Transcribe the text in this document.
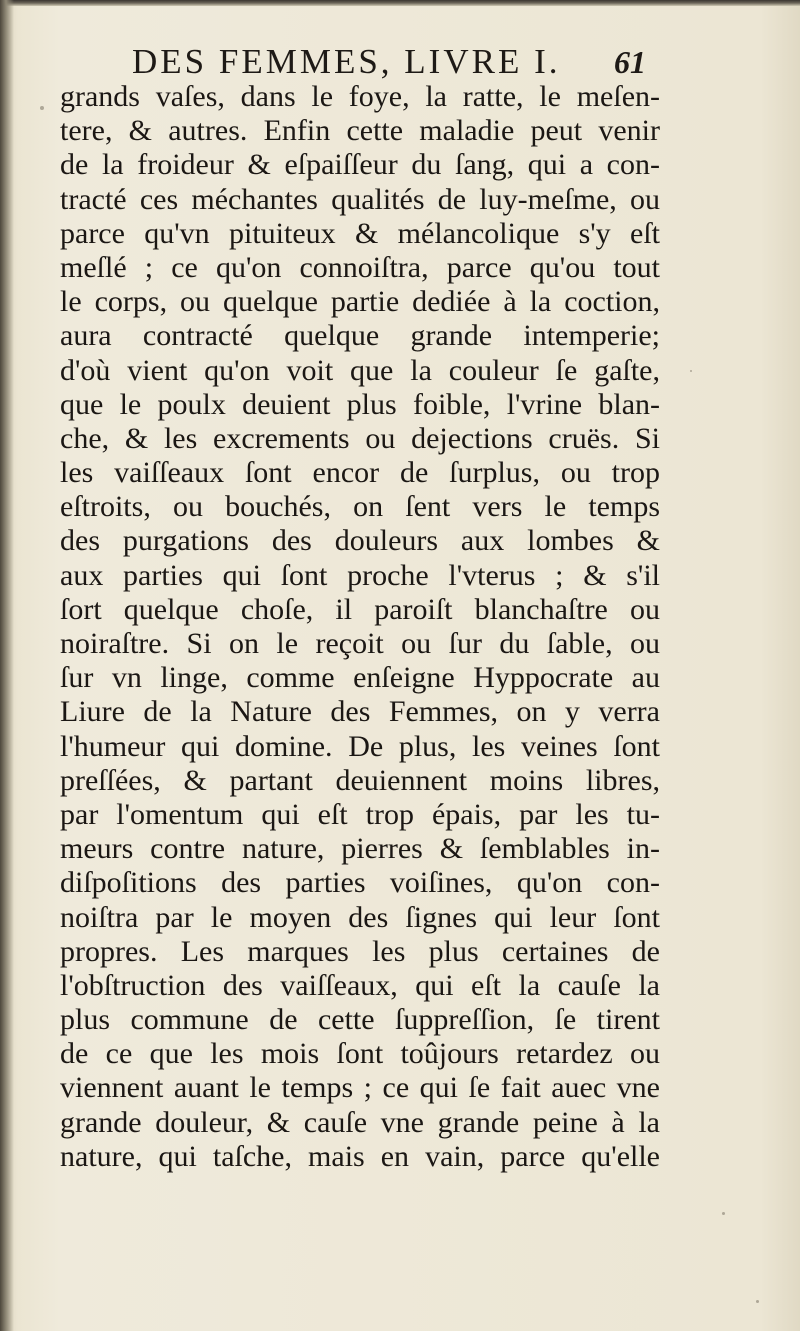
DES FEMMES, LIVRE I. 61
grands vaſes, dans le foye, la ratte, le meſen-
tere, & autres. Enfin cette maladie peut venir
de la froideur & eſpaiſſeur du ſang, qui a con-
tracté ces méchantes qualités de luy-meſme, ou
parce qu'vn pituiteux & mélancolique s'y eſt
meſlé ; ce qu'on connoiſtra, parce qu'ou tout
le corps, ou quelque partie dediée à la coction,
aura contracté quelque grande intemperie;
d'où vient qu'on voit que la couleur ſe gaſte,
que le poulx deuient plus foible, l'vrine blan-
che, & les excrements ou dejections cruës. Si
les vaiſſeaux ſont encor de ſurplus, ou trop
eſtroits, ou bouchés, on ſent vers le temps
des purgations des douleurs aux lombes &
aux parties qui ſont proche l'vterus ; & s'il
ſort quelque choſe, il paroiſt blanchaſtre ou
noiraſtre. Si on le reçoit ou ſur du ſable, ou
ſur vn linge, comme enſeigne Hyppocrate au
Liure de la Nature des Femmes, on y verra
l'humeur qui domine. De plus, les veines ſont
preſſées, & partant deuiennent moins libres,
par l'omentum qui eſt trop épais, par les tu-
meurs contre nature, pierres & ſemblables in-
diſpoſitions des parties voiſines, qu'on con-
noiſtra par le moyen des ſignes qui leur ſont
propres. Les marques les plus certaines de
l'obſtruction des vaiſſeaux, qui eſt la cauſe la
plus commune de cette ſuppreſſion, ſe tirent
de ce que les mois ſont toûjours retardez ou
viennent auant le temps ; ce qui ſe fait auec vne
grande douleur, & cauſe vne grande peine à la
nature, qui taſche, mais en vain, parce qu'elle
